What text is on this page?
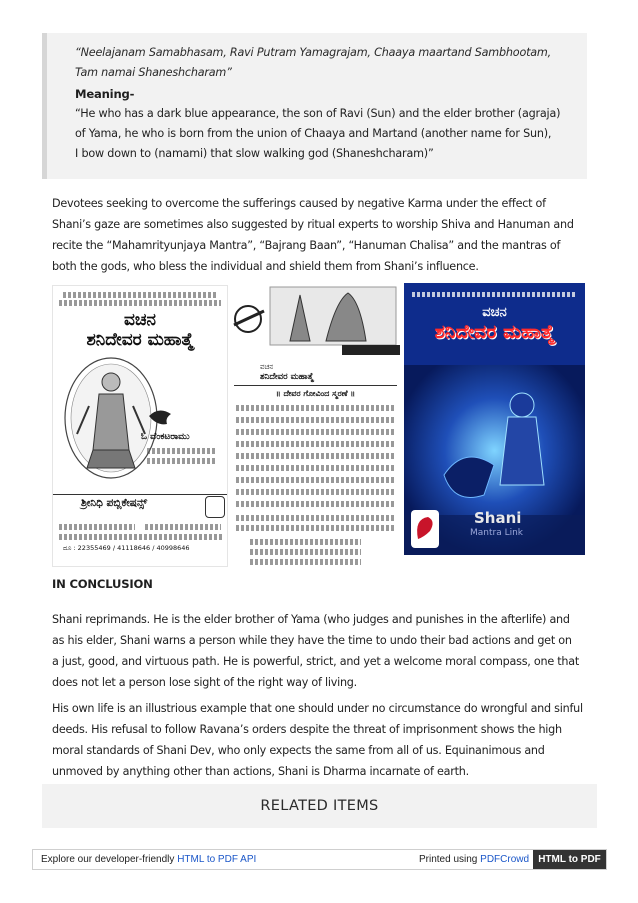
“Neelajanam Samabhasam, Ravi Putram Yamagrajam, Chaaya maartand Sambhootam,

Tam namai Shaneshcharam”

Meaning-

“He who has a dark blue appearance, the son of Ravi (Sun) and the elder brother (agraja)

of Yama, he who is born from the union of Chaaya and Martand (another name for Sun),

I bow down to (namami) that slow walking god (Shaneshcharam)”

Devotees seeking to overcome the sufferings caused by negative Karma under the effect of
Shani’s gaze are sometimes also suggested by ritual experts to worship Shiva and Hanuman and
recite the “Mahamrityunjaya Mantra”, “Bajrang Baan”, “Hanuman Chalisa” and the mantras of
both the gods, who bless the individual and shield them from Shani’s influence.
ವಚನ
ಶನಿದೇವರ ಮಹಾತ್ಮೆ
ಓ ವೆಂಕಟರಾಮು
ಶ್ರೀನಿಧಿ ಪಬ್ಲಿಕೇಷನ್ಸ್
ದೂ : 22355469 / 41118646 / 40998646
ವಚನ
ಶನಿದೇವರ ಮಹಾತ್ಮೆ
॥ ದೇವರ ಗೋವಿಂದ ಸ್ಮರಣೆ ॥
ವಚನ
ಶನಿದೇವರ ಮಹಾತ್ಮೆ
Shani
Mantra Link
IN CONCLUSION
Shani reprimands. He is the elder brother of Yama (who judges and punishes in the afterlife) and
as his elder, Shani warns a person while they have the time to undo their bad actions and get on
a just, good, and virtuous path. He is powerful, strict, and yet a welcome moral compass, one that
does not let a person lose sight of the right way of living.
His own life is an illustrious example that one should under no circumstance do wrongful and sinful
deeds. His refusal to follow Ravana’s orders despite the threat of imprisonment shows the high
moral standards of Shani Dev, who only expects the same from all of us. Equinanimous and
unmoved by anything other than actions, Shani is Dharma incarnate of earth.
RELATED ITEMS
Explore our developer-friendly HTML to PDF API	Printed using PDFCrowd HTML to PDF
